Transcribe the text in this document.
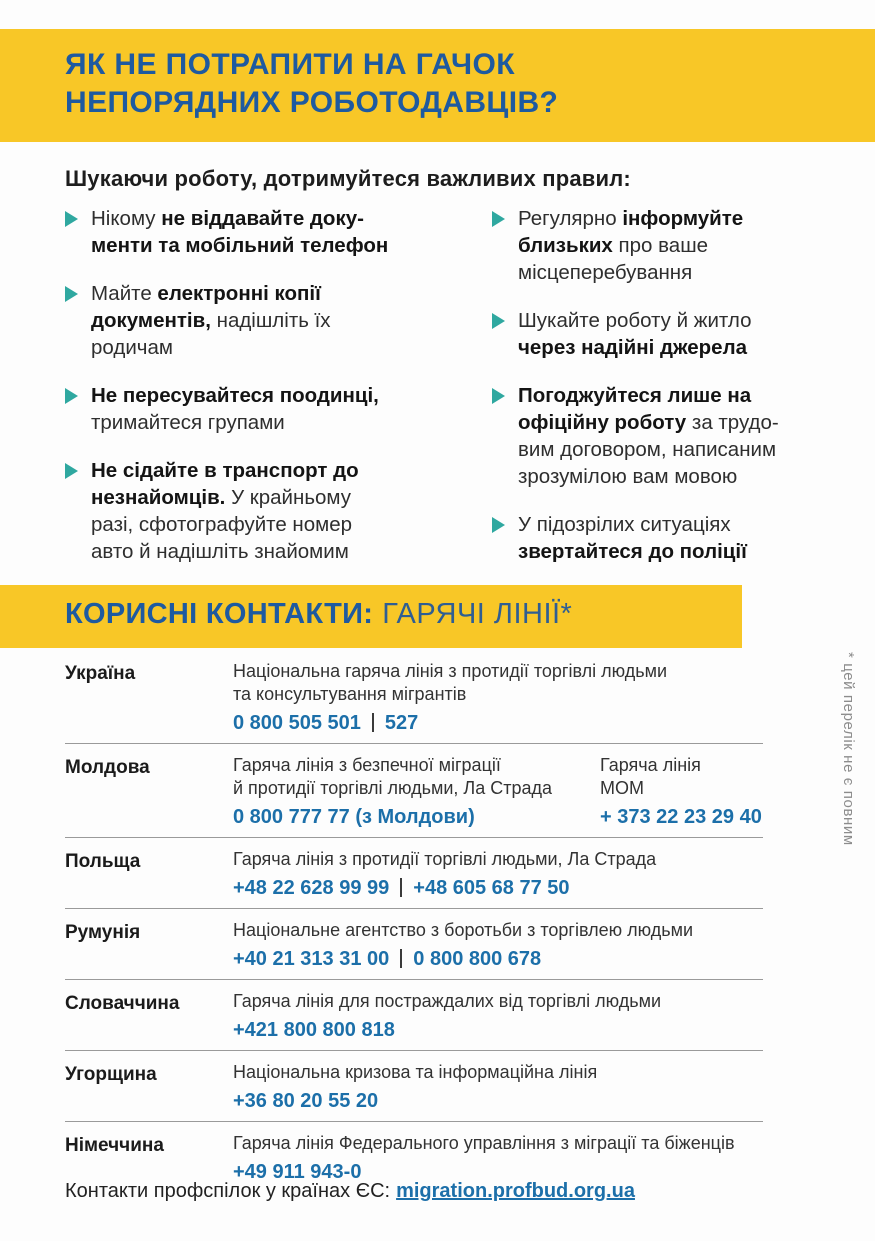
ЯК НЕ ПОТРАПИТИ НА ГАЧОК
НЕПОРЯДНИХ РОБОТОДАВЦІВ?
Шукаючи роботу, дотримуйтеся важливих правил:
Нікому не віддавайте доку-
менти та мобільний телефон
Майте електронні копії
документів, надішліть їх
родичам
Не пересувайтеся поодинці,
тримайтеся групами
Не сідайте в транспорт до
незнайомців. У крайньому
разі, сфотографуйте номер
авто й надішліть знайомим
Регулярно інформуйте
близьких про ваше
місцеперебування
Шукайте роботу й житло
через надійні джерела
Погоджуйтеся лише на
офіційну роботу за трудо-
вим договором, написаним
зрозумілою вам мовою
У підозрілих ситуаціях
звертайтеся до поліції
КОРИСНІ КОНТАКТИ: ГАРЯЧІ ЛІНІЇ*
Україна	Національна гаряча лінія з протидії торгівлі людьми
та консультування мігрантів
0 800 505 501 527
Молдова	Гаряча лінія з безпечної міграції
й протидії торгівлі людьми, Ла Страда
0 800 777 77 (з Молдови)
Гаряча лінія
МОМ
+ 373 22 23 29 40
Польща	Гаряча лінія з протидії торгівлі людьми, Ла Страда
+48 22 628 99 99 +48 605 68 77 50
Румунія	Національне агентство з боротьби з торгівлею людьми
+40 21 313 31 00 0 800 800 678
Словаччина	Гаряча лінія для постраждалих від торгівлі людьми
+421 800 800 818
Угорщина	Національна кризова та інформаційна лінія
+36 80 20 55 20
Німеччина	Гаряча лінія Федерального управління з міграції та біженців
+49 911 943-0
* цей перелік не є повним
Контакти профспілок у країнах ЄС: migration.profbud.org.ua
